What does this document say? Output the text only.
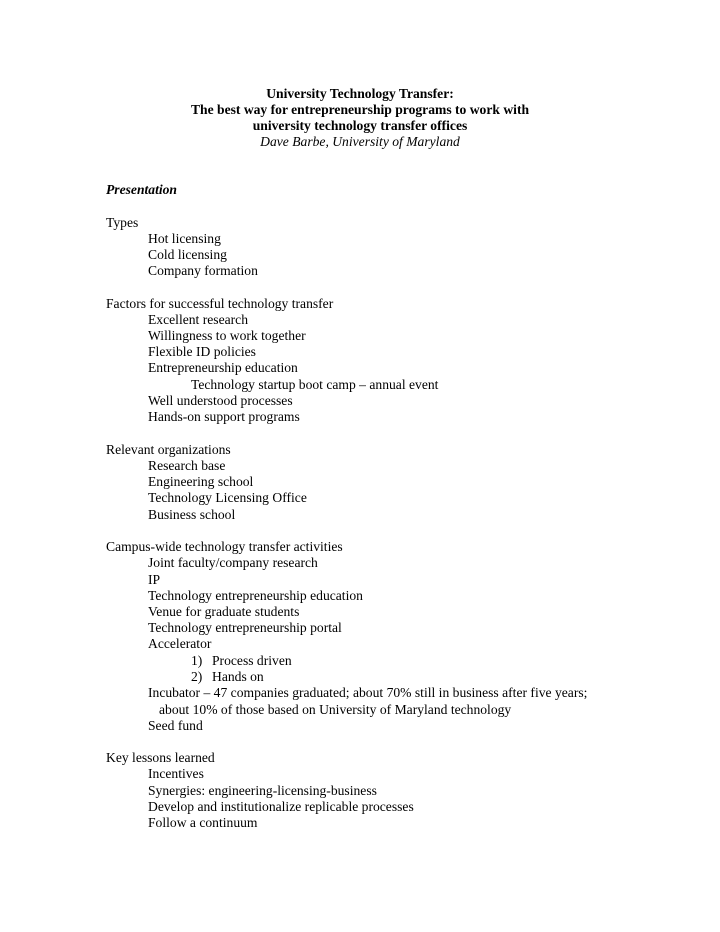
University Technology Transfer:
The best way for entrepreneurship programs to work with
university technology transfer offices
Dave Barbe, University of Maryland
Presentation
Types
Hot licensing
Cold licensing
Company formation
Factors for successful technology transfer
Excellent research
Willingness to work together
Flexible ID policies
Entrepreneurship education
Technology startup boot camp – annual event
Well understood processes
Hands-on support programs
Relevant organizations
Research base
Engineering school
Technology Licensing Office
Business school
Campus-wide technology transfer activities
Joint faculty/company research
IP
Technology entrepreneurship education
Venue for graduate students
Technology entrepreneurship portal
Accelerator
1) Process driven
2) Hands on
Incubator – 47 companies graduated; about 70% still in business after five years;
about 10% of those based on University of Maryland technology
Seed fund
Key lessons learned
Incentives
Synergies: engineering-licensing-business
Develop and institutionalize replicable processes
Follow a continuum
